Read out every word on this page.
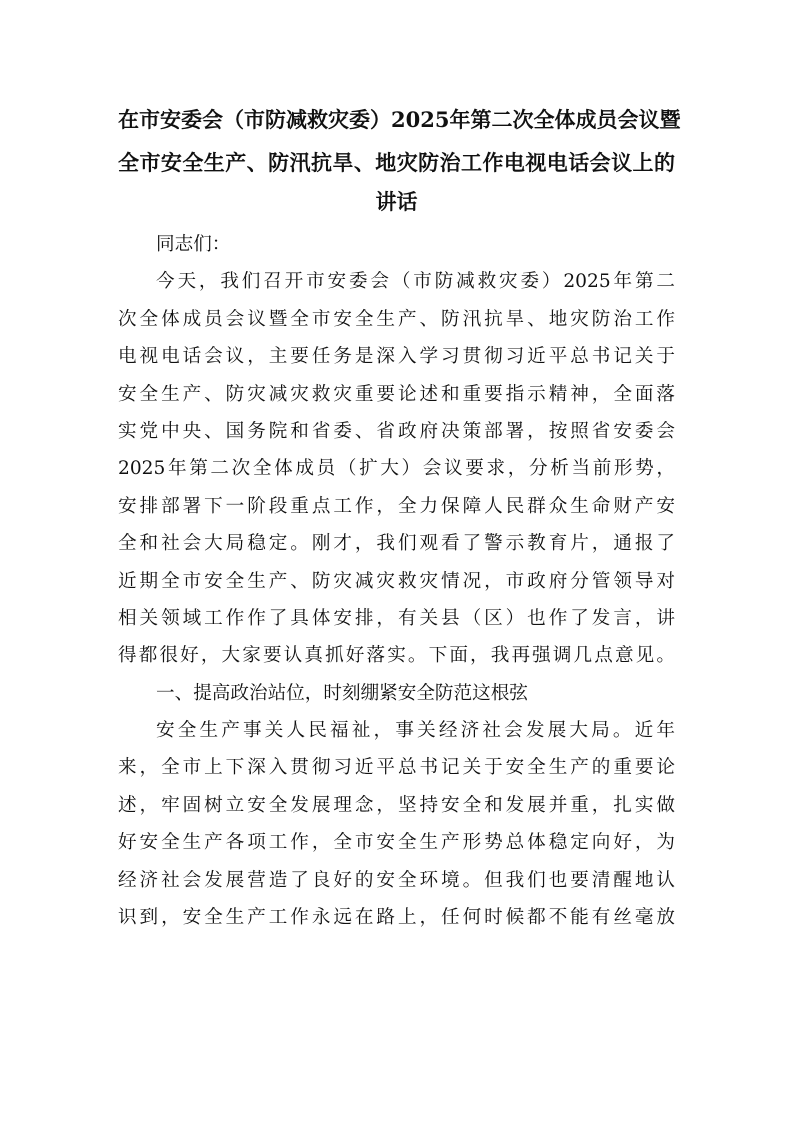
在市安委会（市防减救灾委）2025年第二次全体成员会议暨
全市安全生产、防汛抗旱、地灾防治工作电视电话会议上的
讲话
同志们：
今天，我们召开市安委会（市防减救灾委）2025年第二
次全体成员会议暨全市安全生产、防汛抗旱、地灾防治工作
电视电话会议，主要任务是深入学习贯彻习近平总书记关于
安全生产、防灾减灾救灾重要论述和重要指示精神，全面落
实党中央、国务院和省委、省政府决策部署，按照省安委会
2025年第二次全体成员（扩大）会议要求，分析当前形势，
安排部署下一阶段重点工作，全力保障人民群众生命财产安
全和社会大局稳定。刚才，我们观看了警示教育片，通报了
近期全市安全生产、防灾减灾救灾情况，市政府分管领导对
相关领域工作作了具体安排，有关县（区）也作了发言，讲
得都很好，大家要认真抓好落实。下面，我再强调几点意见。
一、提高政治站位，时刻绷紧安全防范这根弦
安全生产事关人民福祉，事关经济社会发展大局。近年
来，全市上下深入贯彻习近平总书记关于安全生产的重要论
述，牢固树立安全发展理念，坚持安全和发展并重，扎实做
好安全生产各项工作，全市安全生产形势总体稳定向好，为
经济社会发展营造了良好的安全环境。但我们也要清醒地认
识到，安全生产工作永远在路上，任何时候都不能有丝毫放
